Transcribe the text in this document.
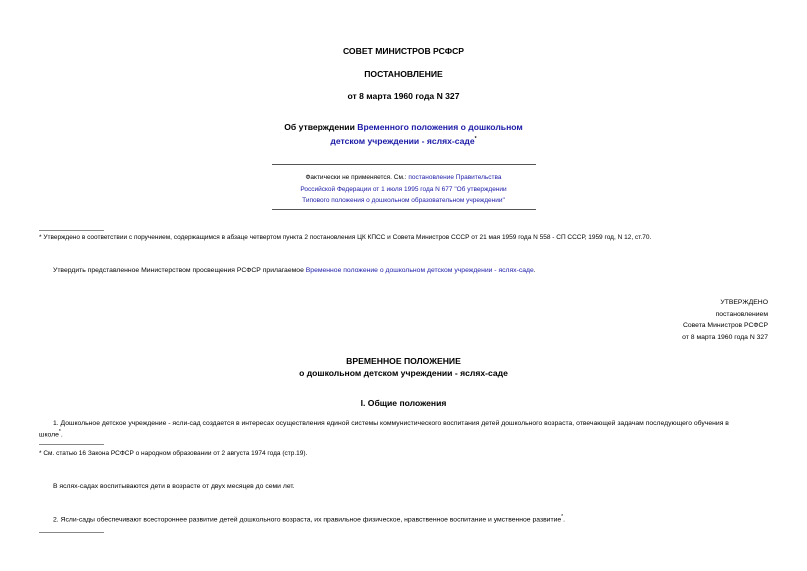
СОВЕТ МИНИСТРОВ РСФСР
ПОСТАНОВЛЕНИЕ
от 8 марта 1960 года N 327
Об утверждении Временного положения о дошкольном
детском учреждении - яслях-саде*
Фактически не применяется. См.: постановление Правительства
Российской Федерации от 1 июля 1995 года N 677 "Об утверждении
Типового положения о дошкольном образовательном учреждении"
* Утверждено в соответствии с поручением, содержащимся в абзаце четвертом пункта 2 постановления ЦК КПСС и Совета Министров СССР от 21 мая 1959 года N 558 - СП СССР, 1959 год, N 12, ст.70.
Утвердить представленное Министерством просвещения РСФСР прилагаемое Временное положение о дошкольном детском учреждении - яслях-саде.
УТВЕРЖДЕНО
постановлением
Совета Министров РСФСР
от 8 марта 1960 года N 327
ВРЕМЕННОЕ ПОЛОЖЕНИЕ
о дошкольном детском учреждении - яслях-саде
I. Общие положения
1. Дошкольное детское учреждение - ясли-сад создается в интересах осуществления единой системы коммунистического воспитания детей дошкольного возраста, отвечающей задачам последующего обучения в
школе*.
* См. статью 16 Закона РСФСР о народном образовании от 2 августа 1974 года (стр.19).
В яслях-садах воспитываются дети в возрасте от двух месяцев до семи лет.
2. Ясли-сады обеспечивают всестороннее развитие детей дошкольного возраста, их правильное физическое, нравственное воспитание и умственное развитие*.
